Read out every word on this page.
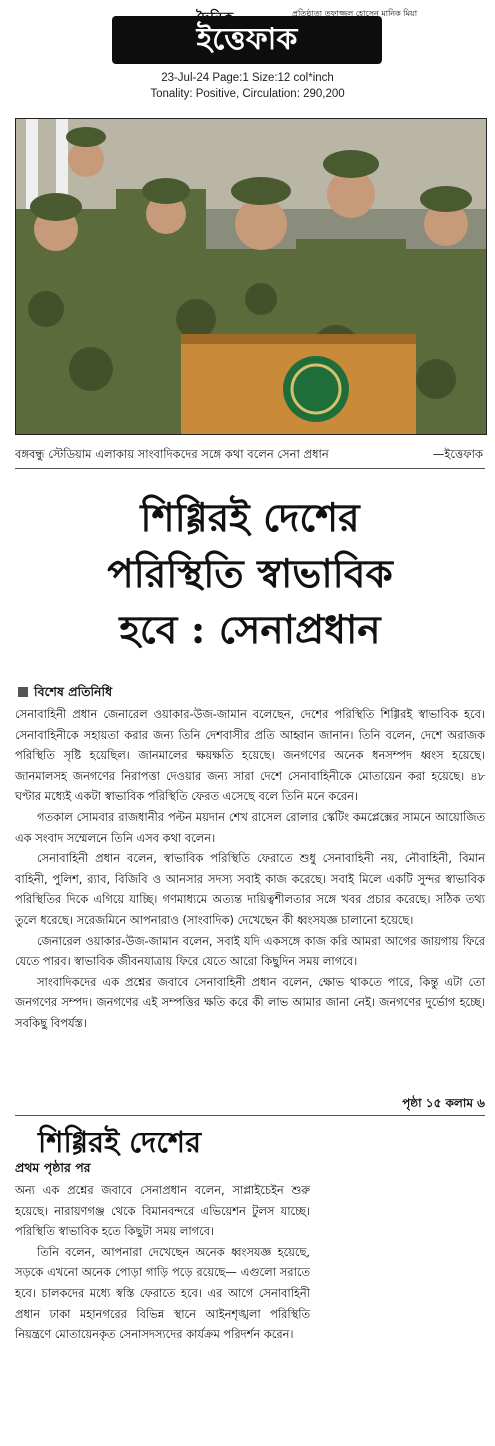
ইত্তেফাক
প্রতিষ্ঠাতা তফাজ্জল হোসেন মানিক মিয়া
23-Jul-24 Page:1 Size:12 col*inch
Tonality: Positive, Circulation: 290,200
বঙ্গবন্ধু স্টেডিয়াম এলাকায় সাংবাদিকদের সঙ্গে কথা বলেন সেনা প্রধান	—ইত্তেফাক
শিগ্গিরই দেশের
পরিস্থিতি স্বাভাবিক
হবে : সেনাপ্রধান
বিশেষ প্রতিনিধি

সেনাবাহিনী প্রধান জেনারেল ওয়াকার-উজ-জামান বলেছেন, দেশের পরিস্থিতি শিগ্গিরই স্বাভাবিক হবে। সেনাবাহিনীকে সহায়তা করার জন্য তিনি দেশবাসীর প্রতি আহ্বান জানান। তিনি বলেন, দেশে অরাজক পরিস্থিতি সৃষ্টি হয়েছিল। জানমালের ক্ষয়ক্ষতি হয়েছে। জনগণের অনেক ধনসম্পদ ধ্বংস হয়েছে। জানমালসহ জনগণের নিরাপত্তা দেওয়ার জন্য সারা দেশে সেনাবাহিনীকে মোতায়েন করা হয়েছে। ৪৮ ঘণ্টার মধ্যেই একটা স্বাভাবিক পরিস্থিতি ফেরত এসেছে বলে তিনি মনে করেন।

গতকাল সোমবার রাজধানীর পল্টন ময়দান শেখ রাসেল রোলার স্কেটিং কমপ্লেক্সের সামনে আয়োজিত এক সংবাদ সম্মেলনে তিনি এসব কথা বলেন।

সেনাবাহিনী প্রধান বলেন, স্বাভাবিক পরিস্থিতি ফেরাতে শুধু সেনাবাহিনী নয়, নৌবাহিনী, বিমান বাহিনী, পুলিশ, র‌্যাব, বিজিবি ও আনসার সদস্য সবাই কাজ করেছে। সবাই মিলে একটি সুন্দর স্বাভাবিক পরিস্থিতির দিকে এগিয়ে যাচ্ছি। গণমাধ্যমে অত্যন্ত দায়িত্বশীলতার সঙ্গে খবর প্রচার করেছে। সঠিক তথ্য তুলে ধরেছে। সরেজমিনে আপনারাও (সাংবাদিক) দেখেছেন কী ধ্বংসযজ্ঞ চালানো হয়েছে।

জেনারেল ওয়াকার-উজ-জামান বলেন, সবাই যদি একসঙ্গে কাজ করি আমরা আগের জায়গায় ফিরে যেতে পারব। স্বাভাবিক জীবনযাত্রায় ফিরে যেতে আরো কিছুদিন সময় লাগবে।

সাংবাদিকদের এক প্রশ্নের জবাবে সেনাবাহিনী প্রধান বলেন, ক্ষোভ থাকতে পারে, কিন্তু এটা তো জনগণের সম্পদ। জনগণের এই সম্পত্তির ক্ষতি করে কী লাভ আমার জানা নেই। জনগণের দুর্ভোগ হচ্ছে। সবকিছু বিপর্যস্ত।

পৃষ্ঠা ১৫ কলাম ৬
শিগ্গিরই দেশের
প্রথম পৃষ্ঠার পর

অন্য এক প্রশ্নের জবাবে সেনাপ্রধান বলেন, সাপ্লাইচেইন শুরু হয়েছে। নারায়ণগঞ্জ থেকে বিমানবন্দরে এভিয়েশন টুলস যাচ্ছে। পরিস্থিতি স্বাভাবিক হতে কিছুটা সময় লাগবে।

তিনি বলেন, আপনারা দেখেছেন অনেক ধ্বংসযজ্ঞ হয়েছে, সড়কে এখনো অনেক পোড়া গাড়ি পড়ে রয়েছে— এগুলো সরাতে হবে। চালকদের মধ্যে স্বস্তি ফেরাতে হবে। এর আগে সেনাবাহিনী প্রধান ঢাকা মহানগরের বিভিন্ন স্থানে আইনশৃঙ্খলা পরিস্থিতি নিয়ন্ত্রণে মোতায়েনকৃত সেনাসদস্যদের কার্যক্রম পরিদর্শন করেন।
